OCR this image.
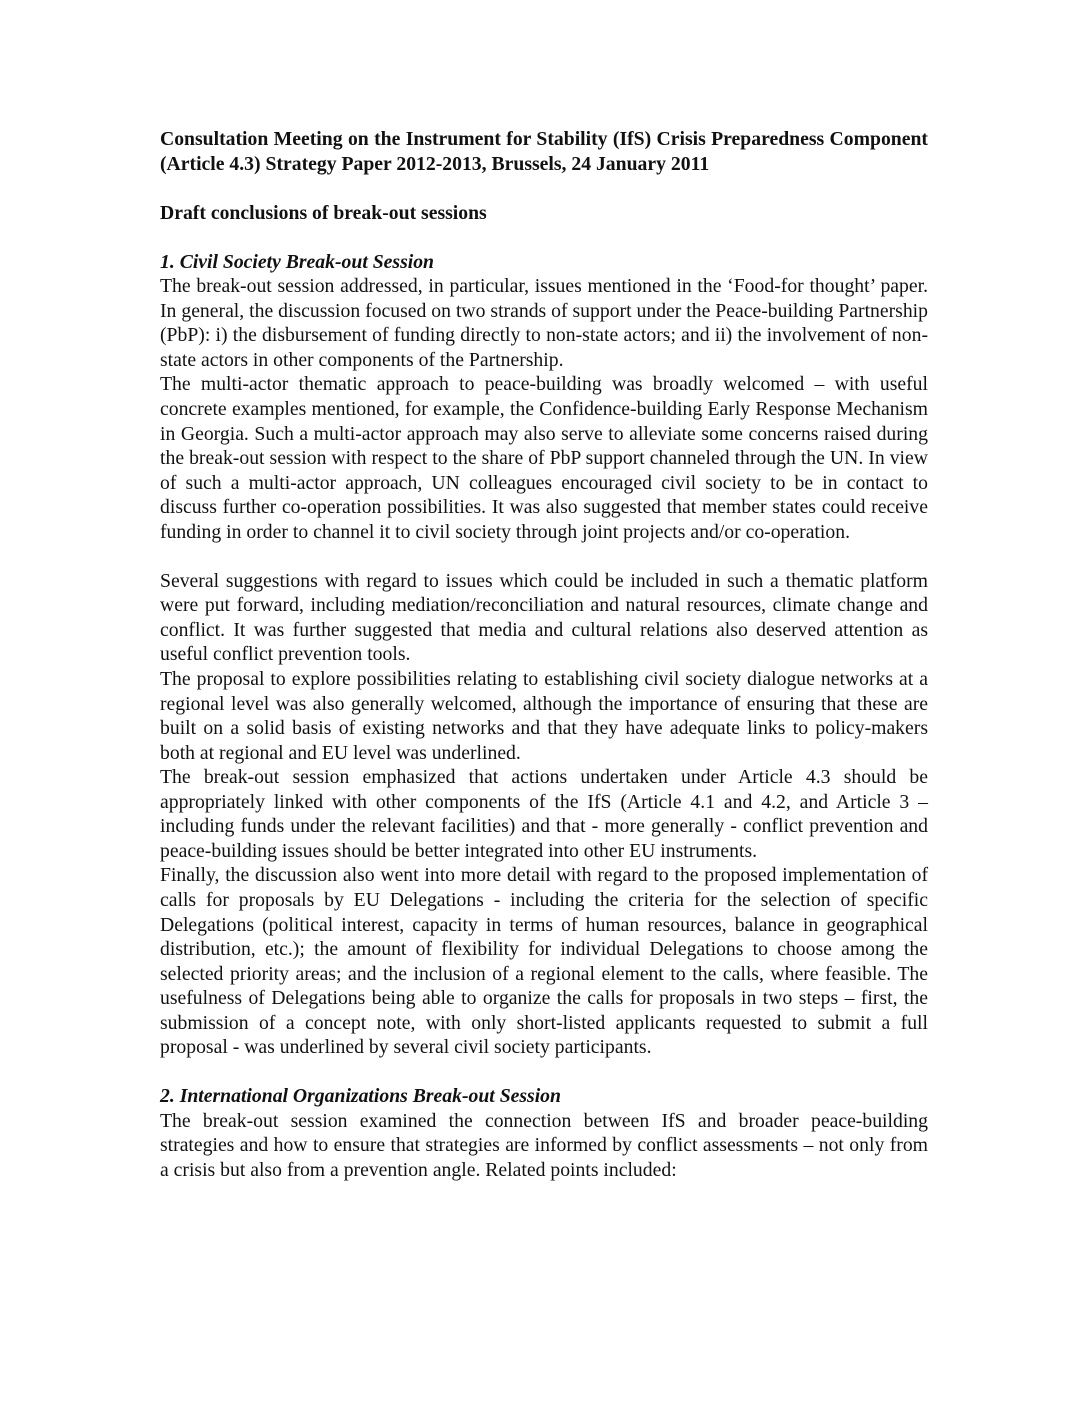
Consultation Meeting on the Instrument for Stability (IfS) Crisis Preparedness Component (Article 4.3) Strategy Paper 2012-2013, Brussels, 24 January 2011

Draft conclusions of break-out sessions

1. Civil Society Break-out Session

The break-out session addressed, in particular, issues mentioned in the ‘Food-for thought’ paper. In general, the discussion focused on two strands of support under the Peace-building Partnership (PbP): i) the disbursement of funding directly to non-state actors; and ii) the involvement of non-state actors in other components of the Partnership.

The multi-actor thematic approach to peace-building was broadly welcomed – with useful concrete examples mentioned, for example, the Confidence-building Early Response Mechanism in Georgia. Such a multi-actor approach may also serve to alleviate some concerns raised during the break-out session with respect to the share of PbP support channeled through the UN. In view of such a multi-actor approach, UN colleagues encouraged civil society to be in contact to discuss further co-operation possibilities. It was also suggested that member states could receive funding in order to channel it to civil society through joint projects and/or co-operation.

Several suggestions with regard to issues which could be included in such a thematic platform were put forward, including mediation/reconciliation and natural resources, climate change and conflict. It was further suggested that media and cultural relations also deserved attention as useful conflict prevention tools.

The proposal to explore possibilities relating to establishing civil society dialogue networks at a regional level was also generally welcomed, although the importance of ensuring that these are built on a solid basis of existing networks and that they have adequate links to policy-makers both at regional and EU level was underlined.

The break-out session emphasized that actions undertaken under Article 4.3 should be appropriately linked with other components of the IfS (Article 4.1 and 4.2, and Article 3 – including funds under the relevant facilities) and that - more generally - conflict prevention and peace-building issues should be better integrated into other EU instruments.

Finally, the discussion also went into more detail with regard to the proposed implementation of calls for proposals by EU Delegations - including the criteria for the selection of specific Delegations (political interest, capacity in terms of human resources, balance in geographical distribution, etc.); the amount of flexibility for individual Delegations to choose among the selected priority areas; and the inclusion of a regional element to the calls, where feasible. The usefulness of Delegations being able to organize the calls for proposals in two steps – first, the submission of a concept note, with only short-listed applicants requested to submit a full proposal - was underlined by several civil society participants.

2. International Organizations Break-out Session

The break-out session examined the connection between IfS and broader peace-building strategies and how to ensure that strategies are informed by conflict assessments – not only from a crisis but also from a prevention angle. Related points included:
